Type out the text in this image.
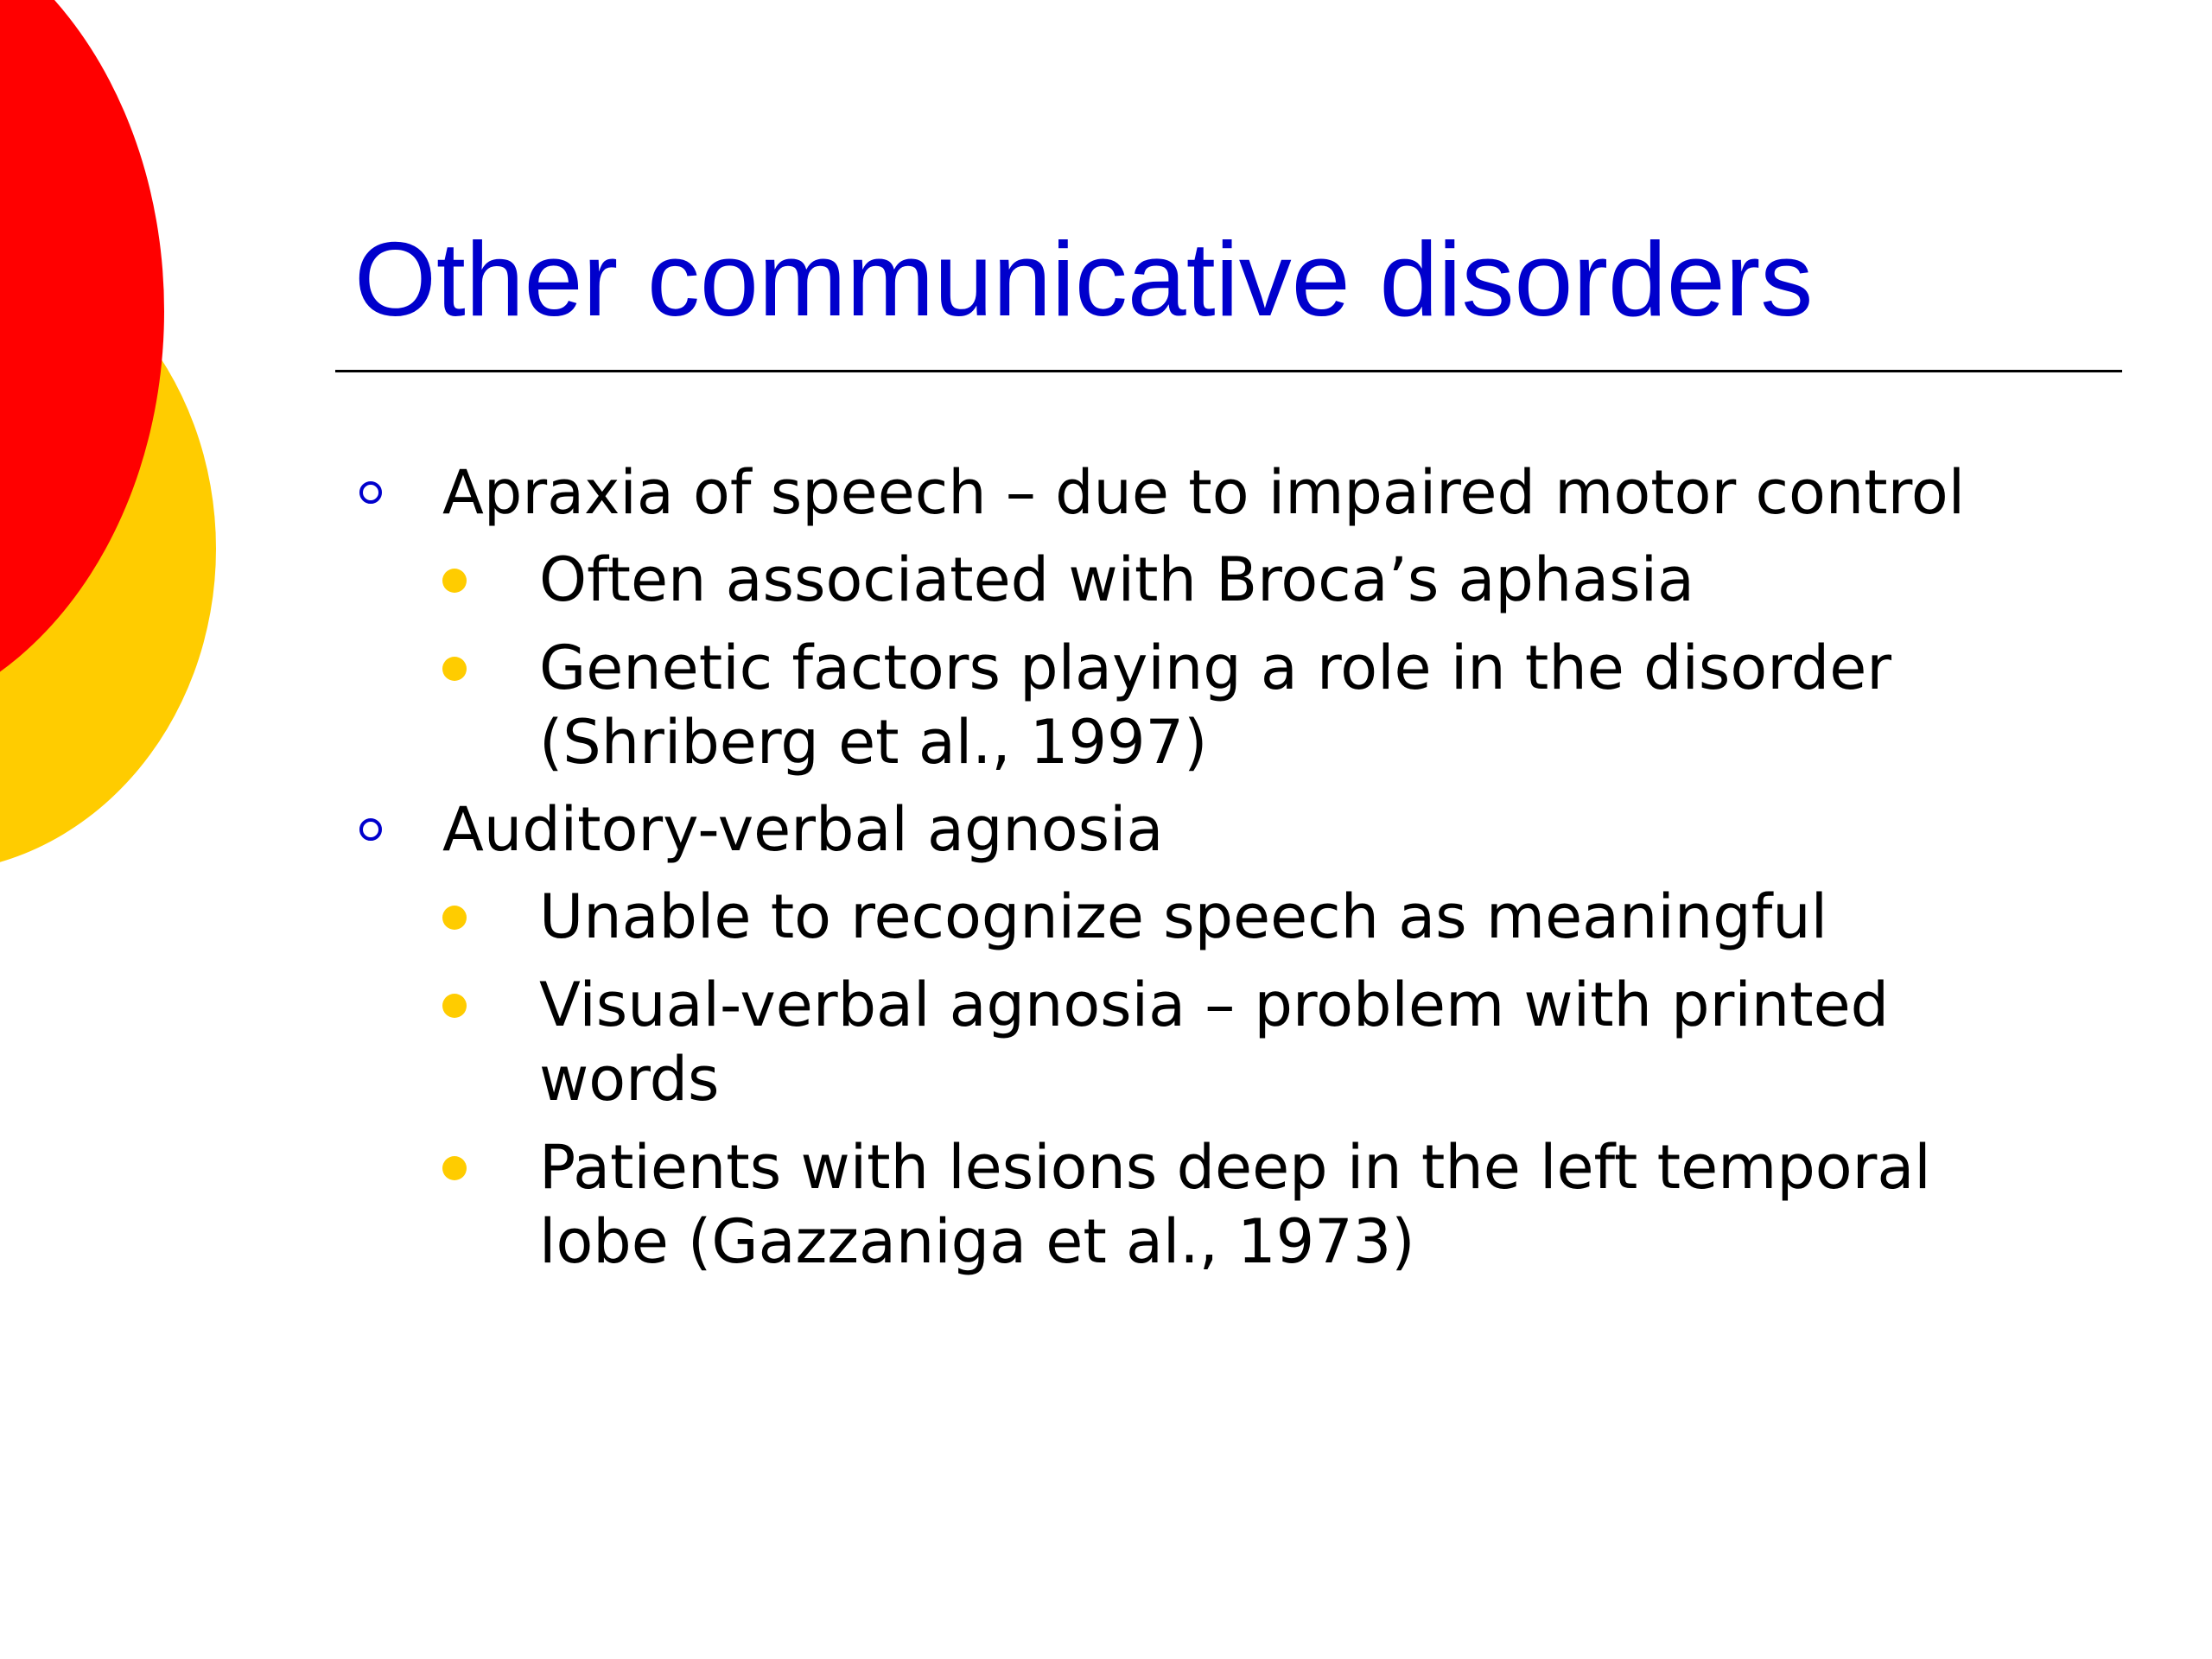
Other communicative disorders
Apraxia of speech – due to impaired motor control
Often associated with Broca’s aphasia
Genetic factors playing a role in the disorder (Shriberg et al., 1997)
Auditory-verbal agnosia
Unable to recognize speech as meaningful
Visual-verbal agnosia – problem with printed words
Patients with lesions deep in the left temporal lobe (Gazzaniga et al., 1973)
